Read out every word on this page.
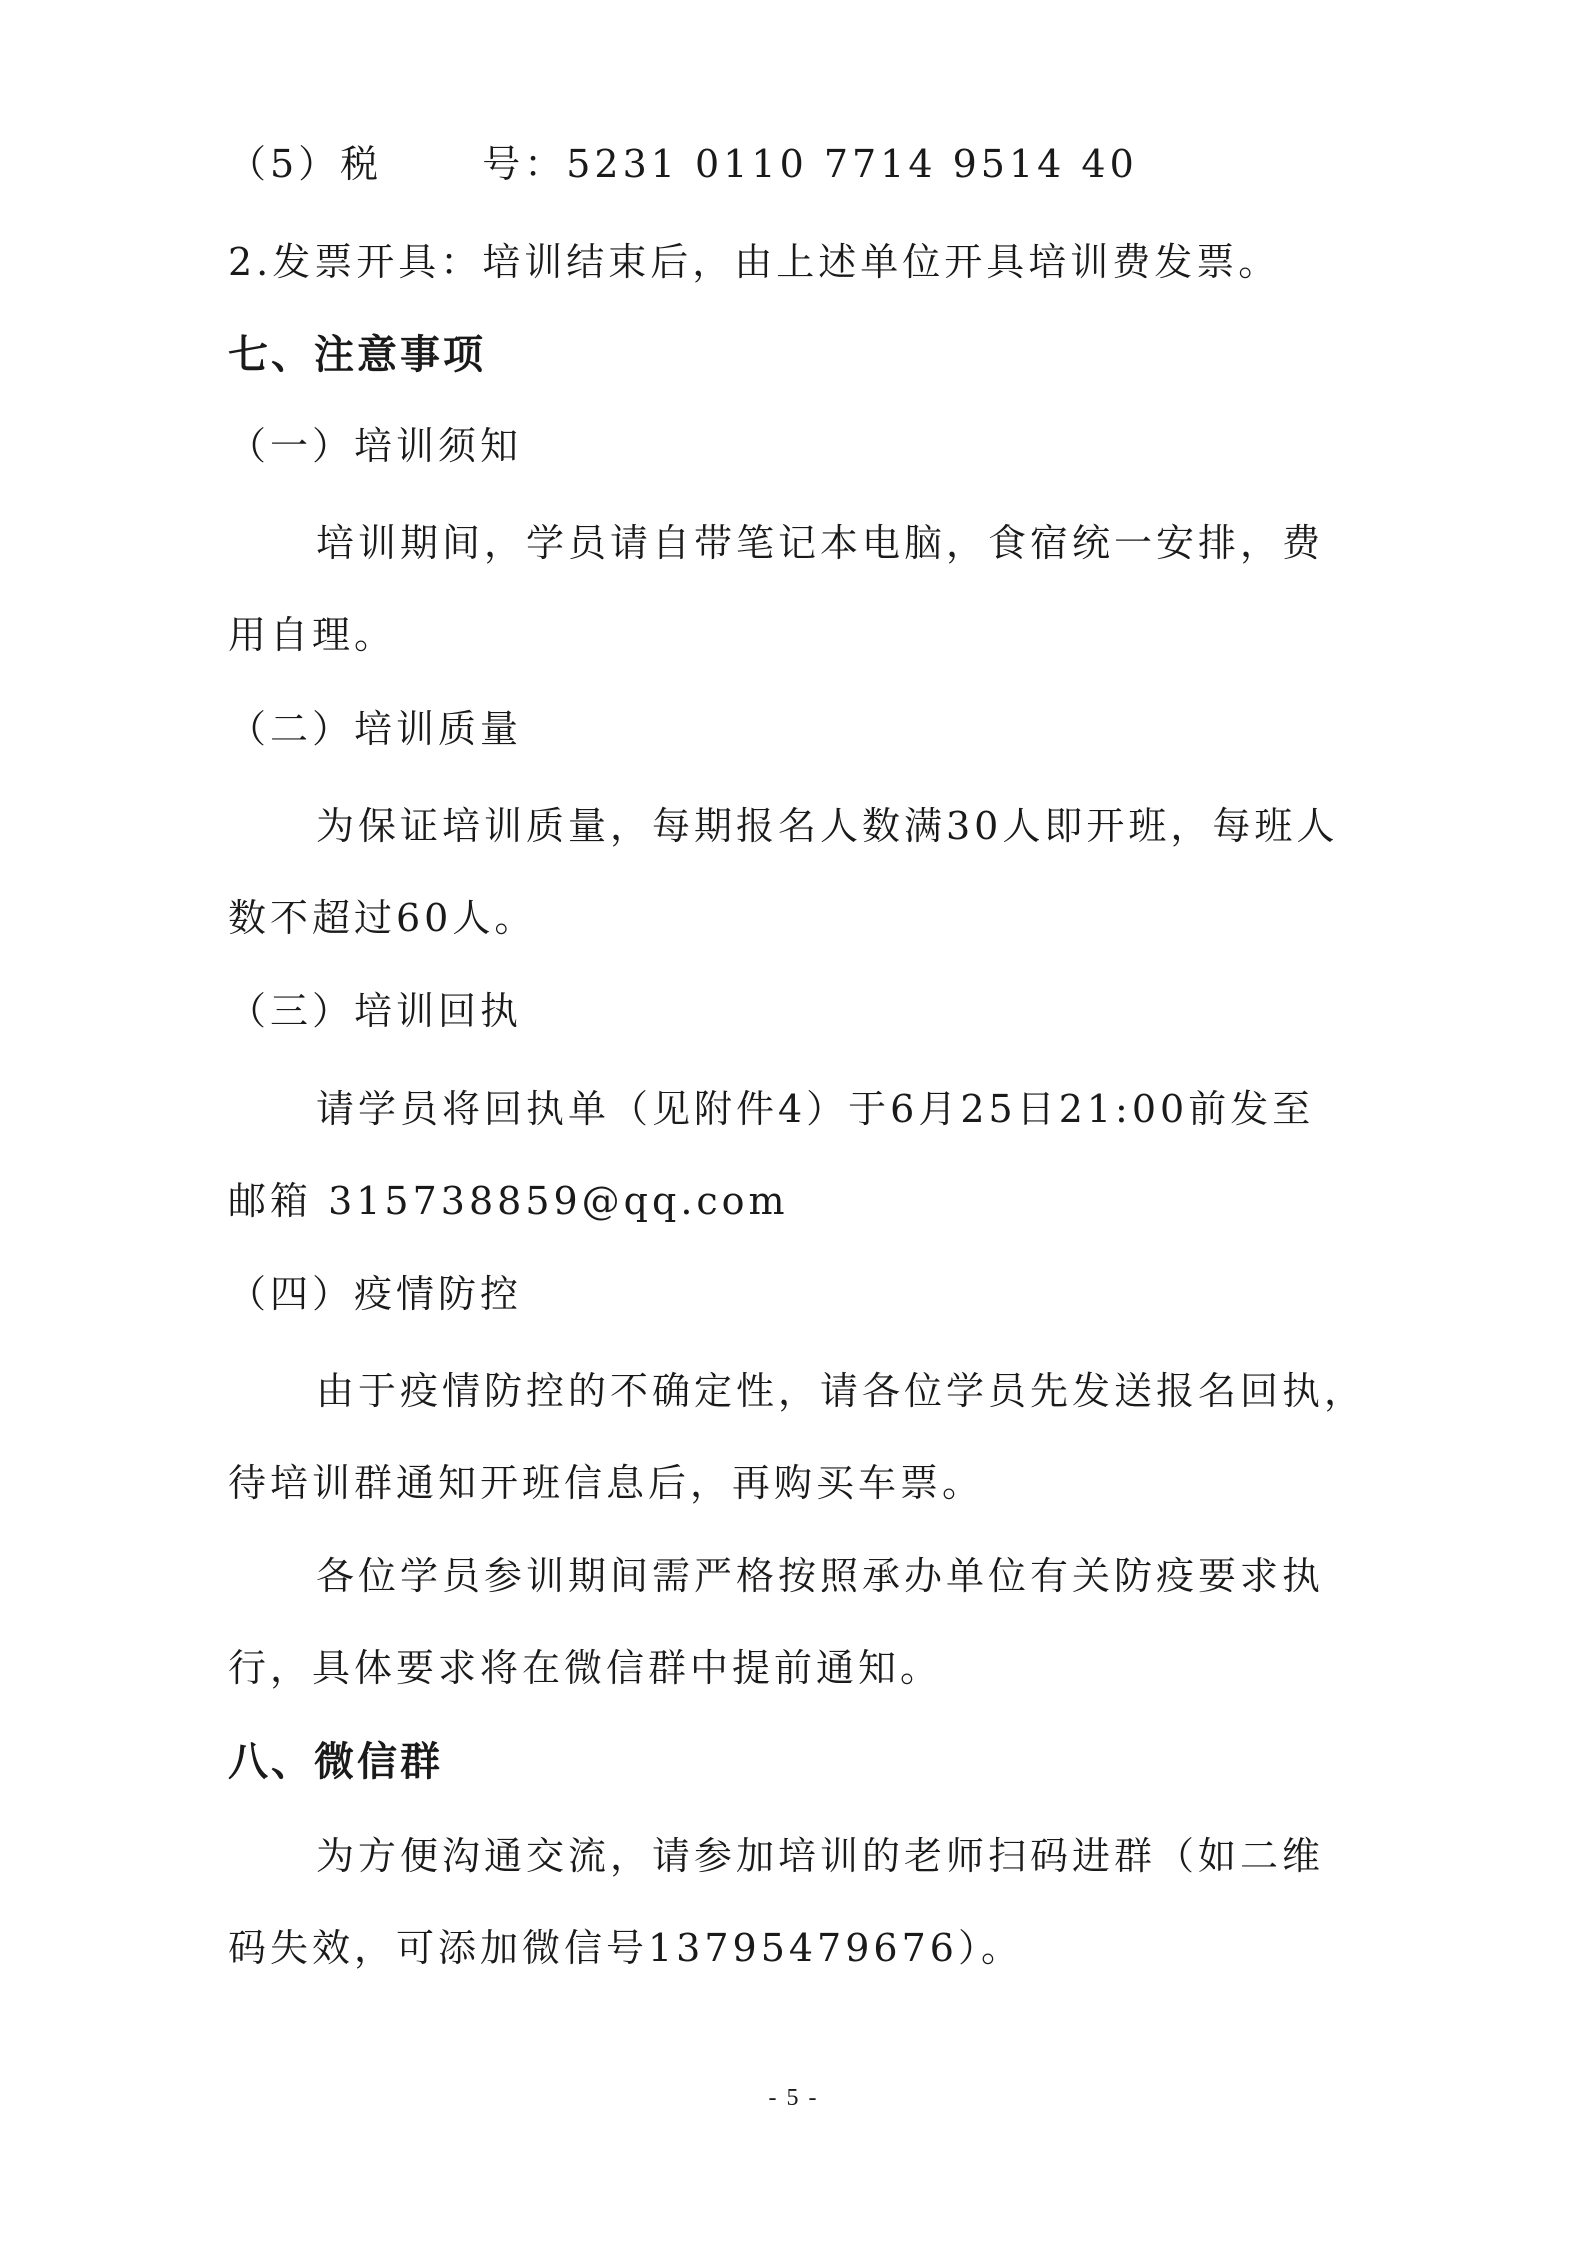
（5）税　　 号：5231 0110 7714 9514 40
2.发票开具：培训结束后，由上述单位开具培训费发票。
七、注意事项
（一）培训须知
培训期间，学员请自带笔记本电脑，食宿统一安排，费
用自理。
（二）培训质量
为保证培训质量，每期报名人数满30人即开班，每班人
数不超过60人。
（三）培训回执
请学员将回执单（见附件4）于6月25日21:00前发至
邮箱 315738859@qq.com
（四）疫情防控
由于疫情防控的不确定性，请各位学员先发送报名回执，
待培训群通知开班信息后，再购买车票。
各位学员参训期间需严格按照承办单位有关防疫要求执
行，具体要求将在微信群中提前通知。
八、微信群
为方便沟通交流，请参加培训的老师扫码进群（如二维
码失效，可添加微信号13795479676）。
- 5 -
